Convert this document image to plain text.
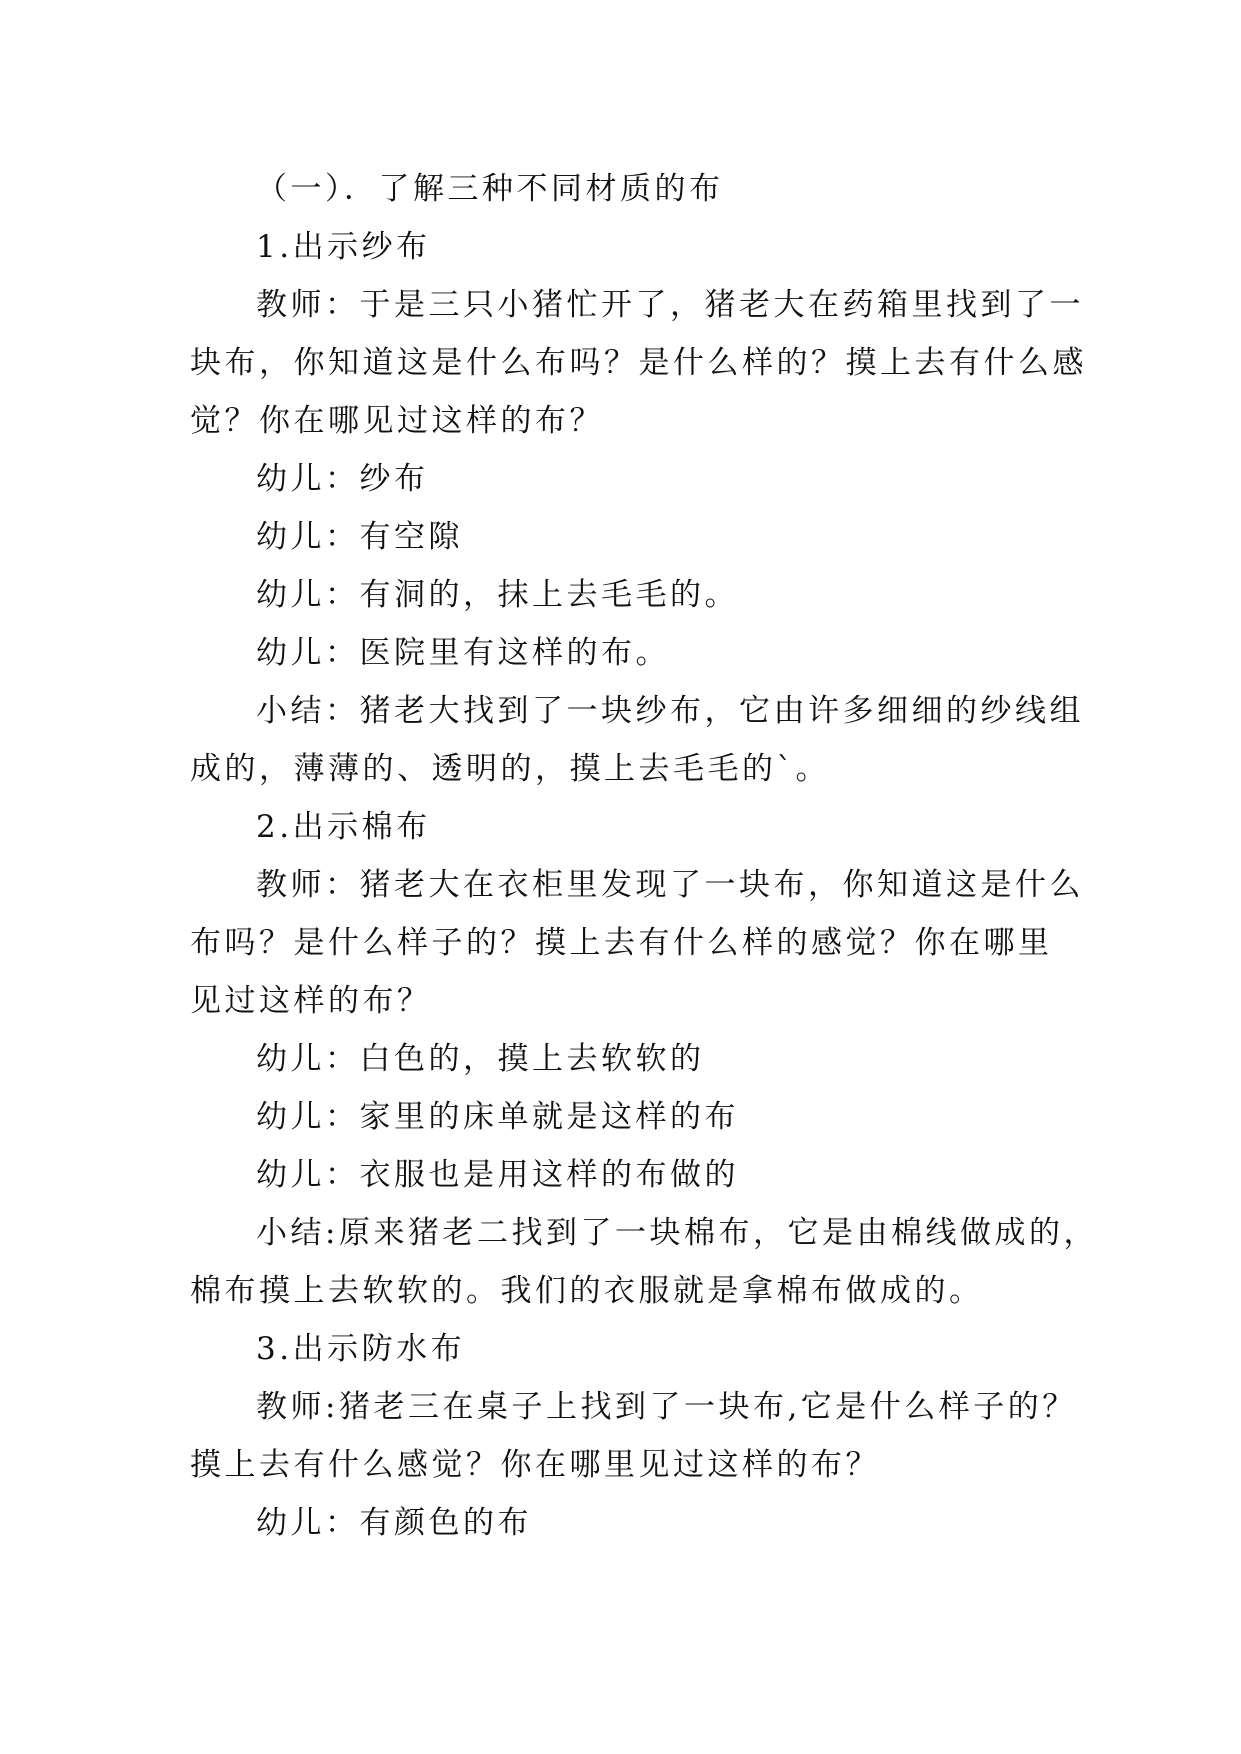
（一）．了解三种不同材质的布

1.出示纱布

教师：于是三只小猪忙开了，猪老大在药箱里找到了一

块布，你知道这是什么布吗？是什么样的？摸上去有什么感

觉？你在哪见过这样的布？

幼儿：纱布

幼儿：有空隙

幼儿：有洞的，抹上去毛毛的。

幼儿：医院里有这样的布。

小结：猪老大找到了一块纱布，它由许多细细的纱线组

成的，薄薄的、透明的，摸上去毛毛的`。

2.出示棉布

教师：猪老大在衣柜里发现了一块布，你知道这是什么

布吗？是什么样子的？摸上去有什么样的感觉？你在哪里

见过这样的布？

幼儿：白色的，摸上去软软的

幼儿：家里的床单就是这样的布

幼儿：衣服也是用这样的布做的

小结:原来猪老二找到了一块棉布，它是由棉线做成的，

棉布摸上去软软的。我们的衣服就是拿棉布做成的。

3.出示防水布

教师:猪老三在桌子上找到了一块布,它是什么样子的？

摸上去有什么感觉？你在哪里见过这样的布？

幼儿：有颜色的布
